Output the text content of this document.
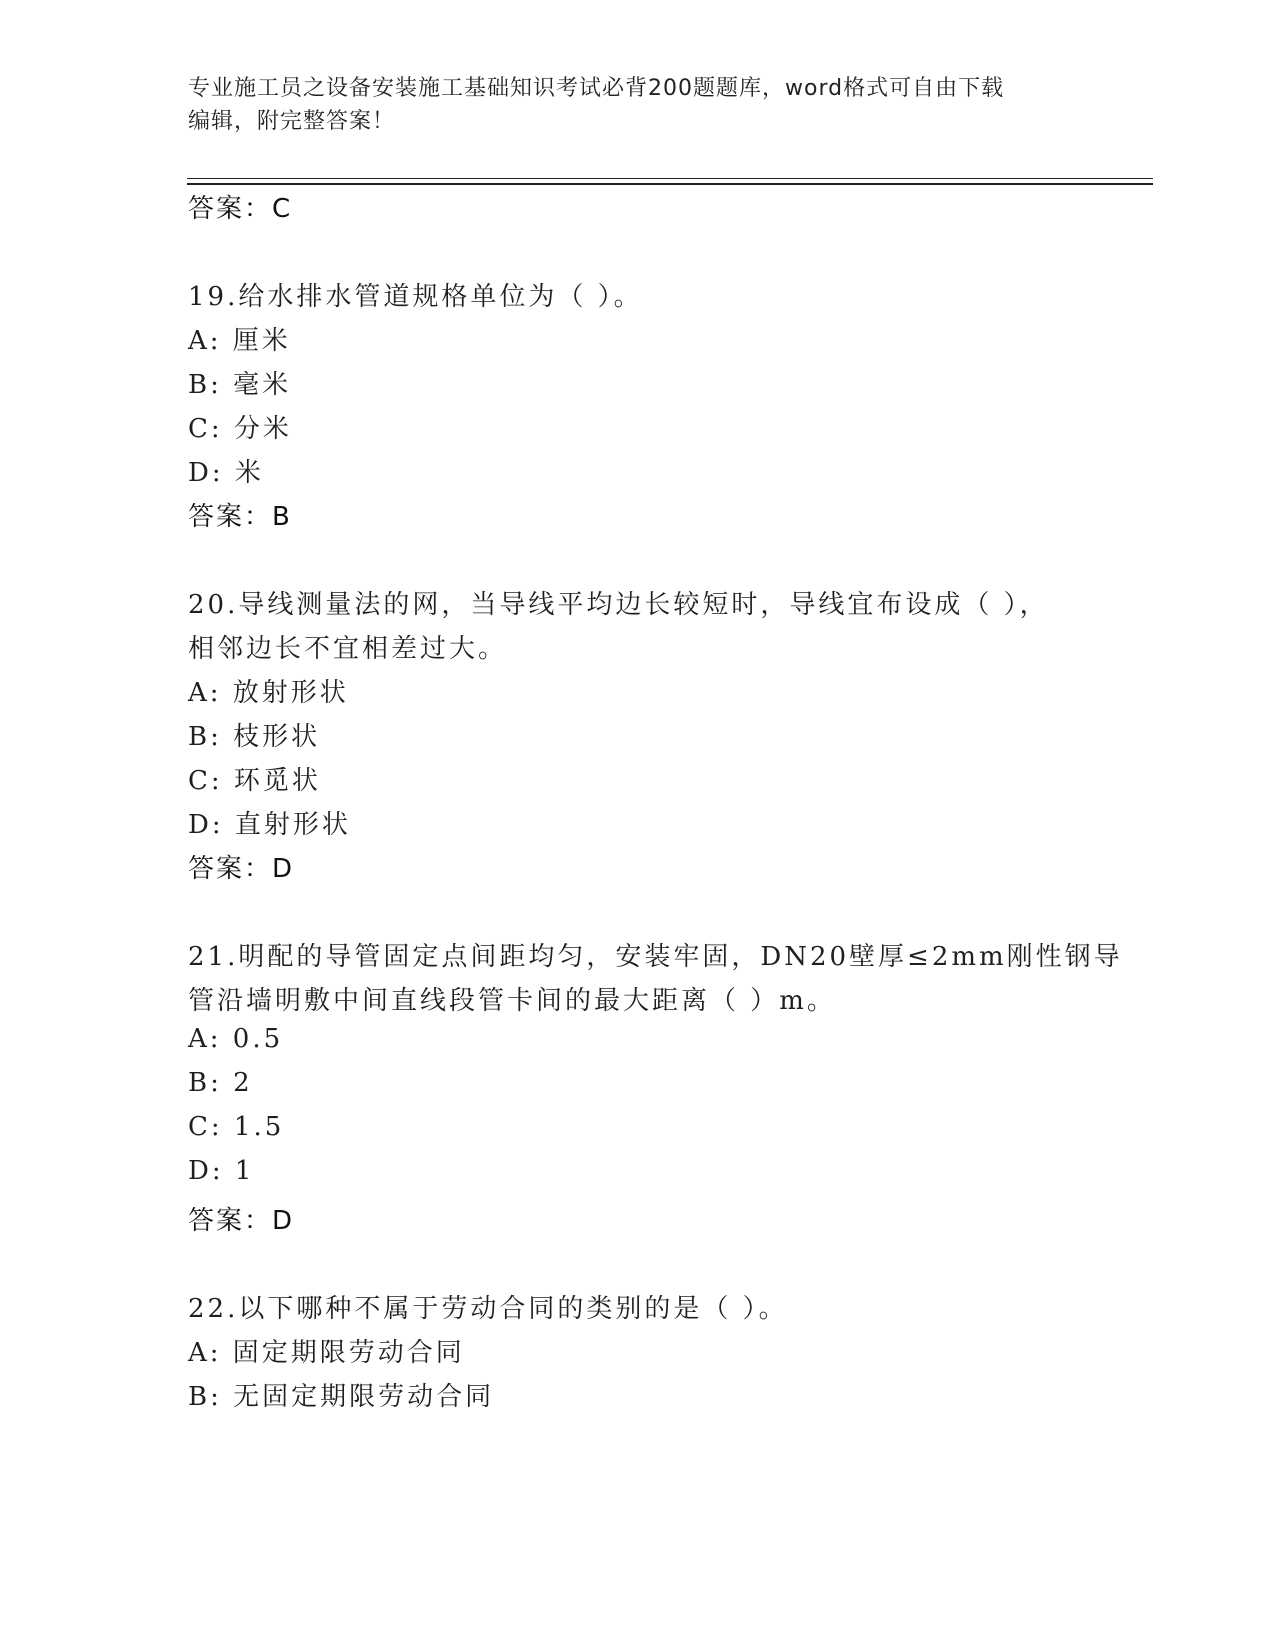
专业施工员之设备安装施工基础知识考试必背200题题库，word格式可自由下载
编辑，附完整答案！
答案：C
19.给水排水管道规格单位为（ ）。
A: 厘米
B: 毫米
C: 分米
D: 米
答案：B
20.导线测量法的网，当导线平均边长较短时，导线宜布设成（ ），
相邻边长不宜相差过大。
A: 放射形状
B: 枝形状
C: 环觅状
D: 直射形状
答案：D
21.明配的导管固定点间距均匀，安装牢固，DN20壁厚≤2mm刚性钢导
管沿墙明敷中间直线段管卡间的最大距离（ ）m。
A: 0.5
B: 2
C: 1.5
D: 1
答案：D
22.以下哪种不属于劳动合同的类别的是（ ）。
A: 固定期限劳动合同
B: 无固定期限劳动合同
